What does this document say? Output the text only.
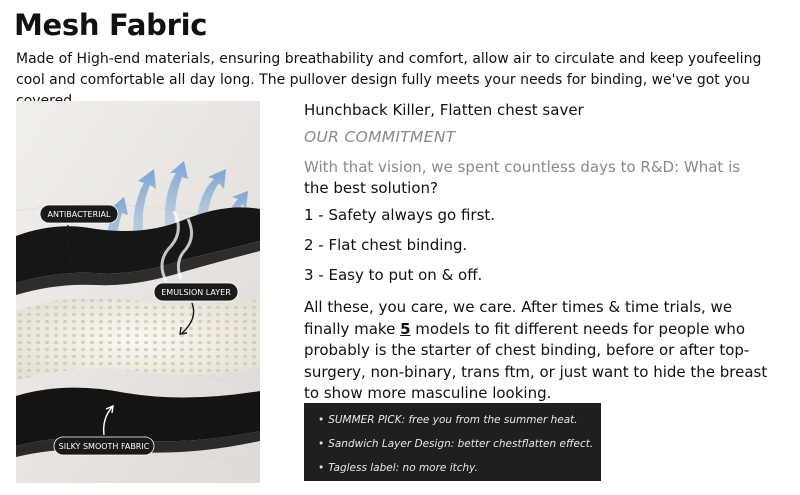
Mesh Fabric
Made of High-end materials, ensuring breathability and comfort, allow air to circulate and keep youfeeling cool and comfortable all day long. The pullover design fully meets your needs for binding, we've got you
ANTIBACTERIAL
EMULSION LAYER
SILKY SMOOTH FABRIC
Hunchback Killer, Flatten chest saver
OUR COMMITMENT
With that vision, we spent countless days to R&D: What is
the best solution?
1 - Safety always go first.
2 - Flat chest binding.
3 - Easy to put on & off.
All these, you care, we care. After times & time trials, we finally make 5 models to fit different needs for people who probably is the starter of chest binding, before or after top-surgery, non-binary, trans ftm, or just want to hide the breast to show more masculine looking.
• SUMMER PICK: free you from the summer heat.
• Sandwich Layer Design: better chestflatten effect.
• Tagless label: no more itchy.
